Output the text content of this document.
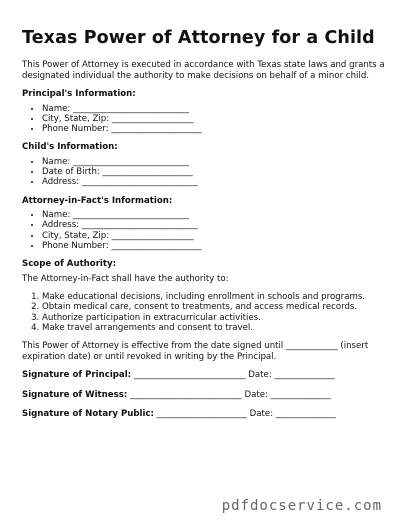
Texas Power of Attorney for a Child

This Power of Attorney is executed in accordance with Texas state laws and grants a designated individual the authority to make decisions on behalf of a minor child.

Principal's Information:
• Name: ___________________________
• City, State, Zip: ___________________
• Phone Number: _____________________
Child's Information:
• Name: ___________________________
• Date of Birth: _____________________
• Address: ___________________________
Attorney-in-Fact's Information:
• Name: ___________________________
• Address: ___________________________
• City, State, Zip: ___________________
• Phone Number: _____________________
Scope of Authority:

The Attorney-in-Fact shall have the authority to:

1. Make educational decisions, including enrollment in schools and programs.
2. Obtain medical care, consent to treatments, and access medical records.
3. Authorize participation in extracurricular activities.
4. Make travel arrangements and consent to travel.

This Power of Attorney is effective from the date signed until ____________ (insert expiration date) or until revoked in writing by the Principal.

Signature of Principal: __________________________ Date: ______________
Signature of Witness: __________________________ Date: ______________
Signature of Notary Public: _____________________ Date: ______________
pdfdocservice.com
